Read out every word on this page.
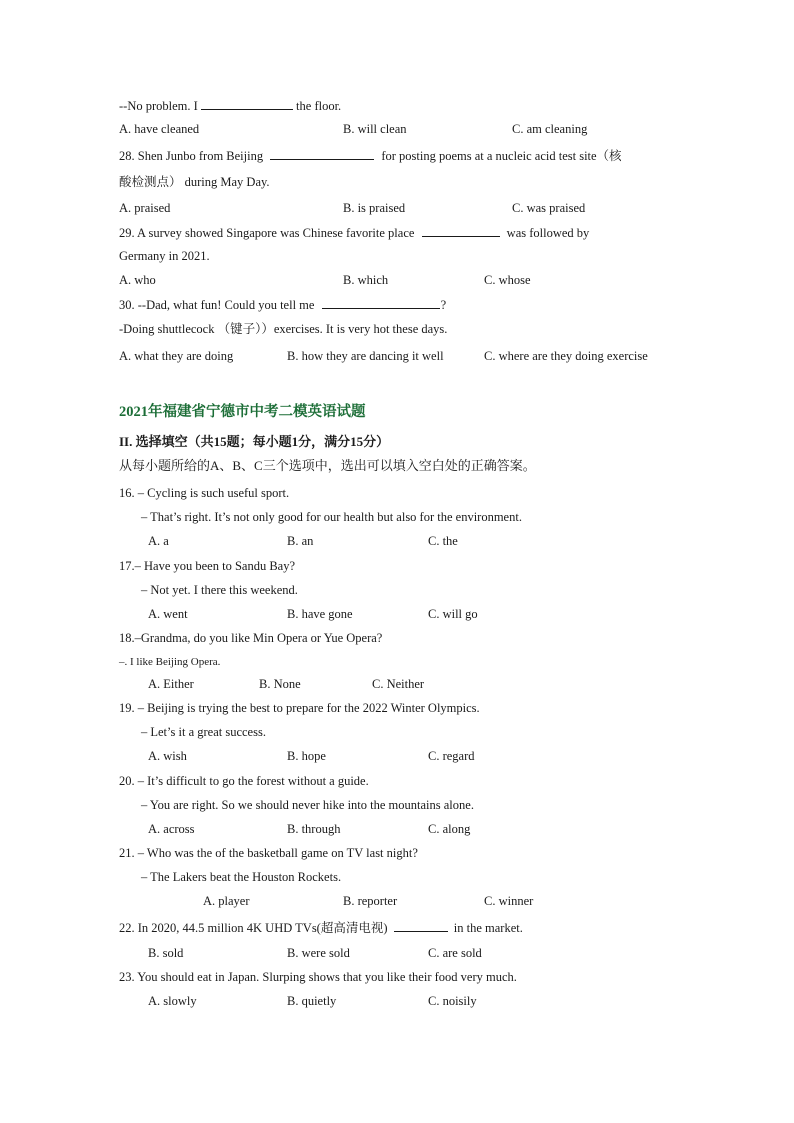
--No problem. I	the floor.
A. have cleaned	B. will clean	C. am cleaning
28. Shen Junbo from Beijing	for posting poems at a nucleic acid test site（核
酸检测点） during May Day.
A. praised	B. is praised	C. was praised
29. A survey showed Singapore was Chinese favorite place	was followed by
Germany in 2021.
A. who	B. which	C. whose
30. --Dad, what fun! Could you tell me	?
-Doing shuttlecock （键子））exercises. It is very hot these days.
A. what they are doing	B. how they are dancing it well	C. where are they doing exercise
2021年福建省宁德市中考二模英语试题
II. 选择填空（共15题；每小题1分，满分15分）
从每小题所给的A、B、C三个选项中，选出可以填入空白处的正确答案。
16. – Cycling is such useful sport.
– That’s right. It’s not only good for our health but also for the environment.
A. a	B. an	C. the
17.– Have you been to Sandu Bay?
– Not yet. I there this weekend.
A. went	B. have gone	C. will go
18.–Grandma, do you like Min Opera or Yue Opera?
–. I like Beijing Opera.
A. Either	B. None	C. Neither
19. – Beijing is trying the best to prepare for the 2022 Winter Olympics.
– Let’s it a great success.
A. wish	B. hope	C. regard
20. – It’s difficult to go the forest without a guide.
– You are right. So we should never hike into the mountains alone.
A. across	B. through	C. along
21. – Who was the of the basketball game on TV last night?
– The Lakers beat the Houston Rockets.
A. player	B. reporter	C. winner
22. In 2020, 44.5 million 4K UHD TVs(超高清电视)	in the market.
B. sold	B. were sold	C. are sold
23. You should eat in Japan. Slurping shows that you like their food very much.
A. slowly	B. quietly	C. noisily
